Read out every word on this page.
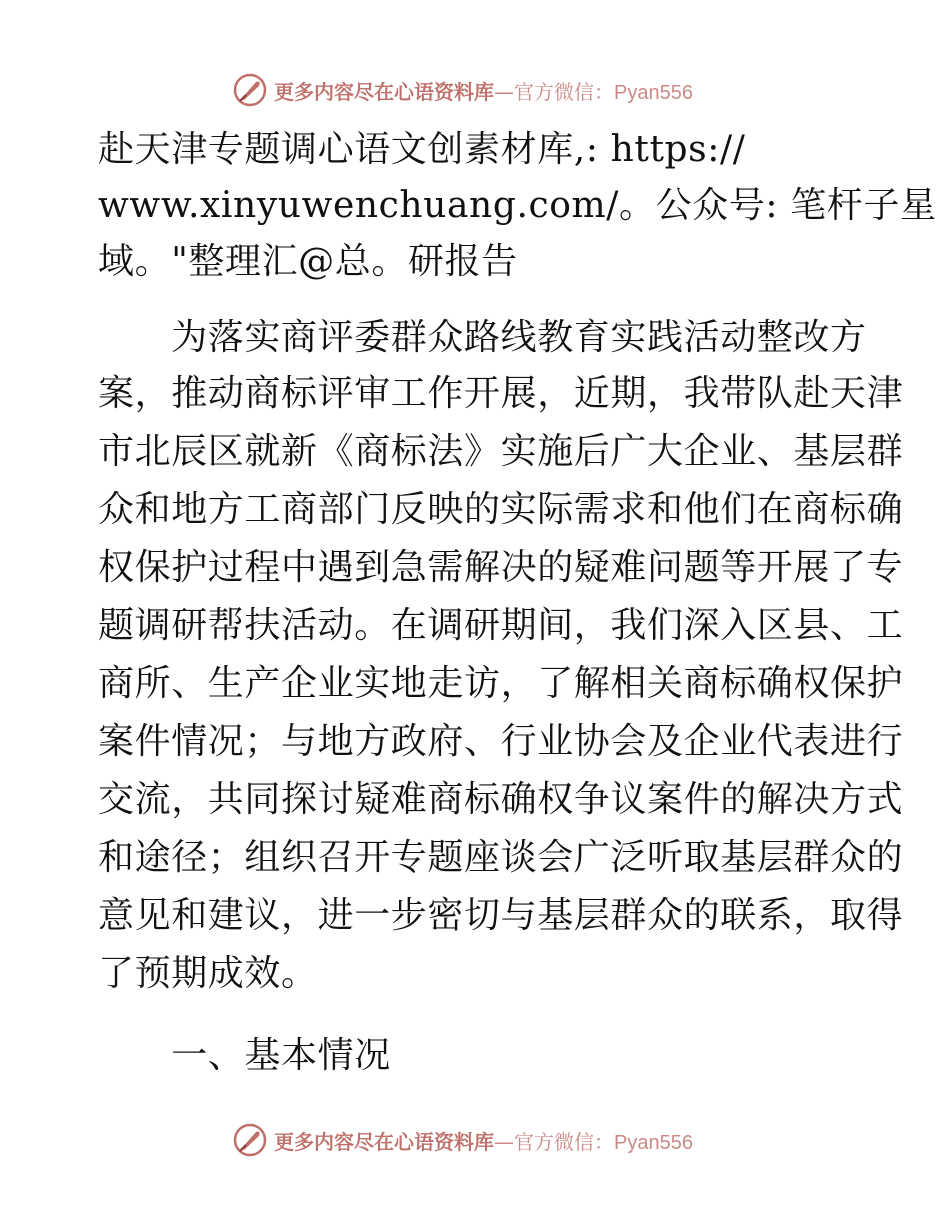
更多内容尽在心语资料库—官方微信：Pyan556
赴天津专题调心语文创素材库,: https://
www.xinyuwenchuang.com/。公众号: 笔杆子星
域。"整理汇@总。研报告
　　为落实商评委群众路线教育实践活动整改方
案，推动商标评审工作开展，近期，我带队赴天津
市北辰区就新《商标法》实施后广大企业、基层群
众和地方工商部门反映的实际需求和他们在商标确
权保护过程中遇到急需解决的疑难问题等开展了专
题调研帮扶活动。在调研期间，我们深入区县、工
商所、生产企业实地走访，了解相关商标确权保护
案件情况；与地方政府、行业协会及企业代表进行
交流，共同探讨疑难商标确权争议案件的解决方式
和途径；组织召开专题座谈会广泛听取基层群众的
意见和建议，进一步密切与基层群众的联系，取得
了预期成效。
　　一、基本情况
更多内容尽在心语资料库—官方微信：Pyan556
